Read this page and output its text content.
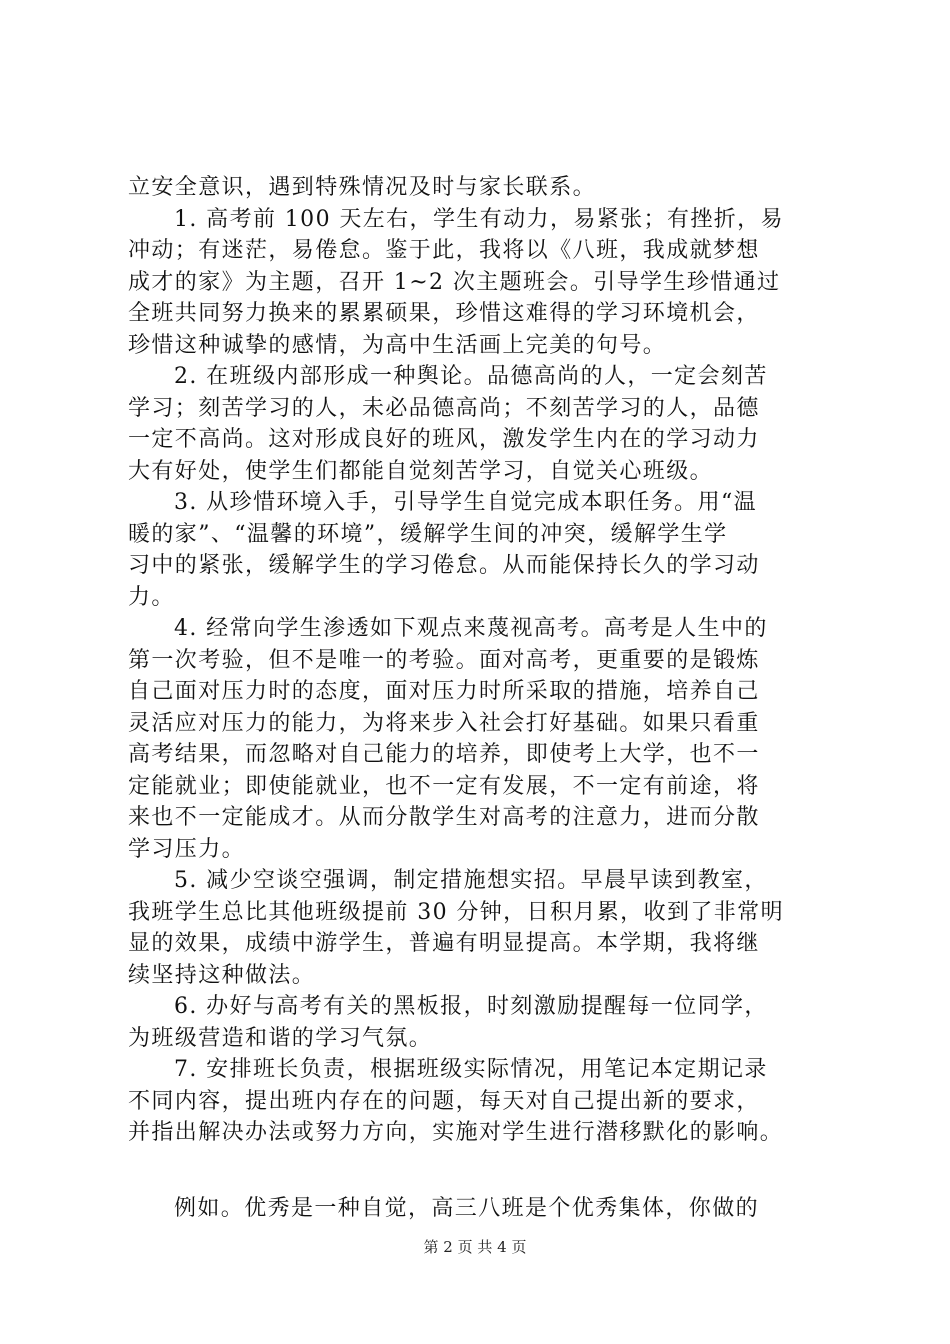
立安全意识，遇到特殊情况及时与家长联系。
1. 高考前 100 天左右，学生有动力，易紧张；有挫折，易
冲动；有迷茫，易倦怠。鉴于此，我将以《八班，我成就梦想
成才的家》为主题，召开 1~2 次主题班会。引导学生珍惜通过
全班共同努力换来的累累硕果，珍惜这难得的学习环境机会，
珍惜这种诚挚的感情，为高中生活画上完美的句号。
2. 在班级内部形成一种舆论。品德高尚的人，一定会刻苦
学习；刻苦学习的人，未必品德高尚；不刻苦学习的人，品德
一定不高尚。这对形成良好的班风，激发学生内在的学习动力
大有好处，使学生们都能自觉刻苦学习，自觉关心班级。
3. 从珍惜环境入手，引导学生自觉完成本职任务。用“温
暖的家”、“温馨的环境”，缓解学生间的冲突，缓解学生学
习中的紧张，缓解学生的学习倦怠。从而能保持长久的学习动
力。
4. 经常向学生渗透如下观点来蔑视高考。高考是人生中的
第一次考验，但不是唯一的考验。面对高考，更重要的是锻炼
自己面对压力时的态度，面对压力时所采取的措施，培养自己
灵活应对压力的能力，为将来步入社会打好基础。如果只看重
高考结果，而忽略对自己能力的培养，即使考上大学，也不一
定能就业；即使能就业，也不一定有发展，不一定有前途，将
来也不一定能成才。从而分散学生对高考的注意力，进而分散
学习压力。
5. 减少空谈空强调，制定措施想实招。早晨早读到教室，
我班学生总比其他班级提前 30 分钟，日积月累，收到了非常明
显的效果，成绩中游学生，普遍有明显提高。本学期，我将继
续坚持这种做法。
6. 办好与高考有关的黑板报，时刻激励提醒每一位同学，
为班级营造和谐的学习气氛。
7. 安排班长负责，根据班级实际情况，用笔记本定期记录
不同内容，提出班内存在的问题，每天对自己提出新的要求，
并指出解决办法或努力方向，实施对学生进行潜移默化的影响。
例如。优秀是一种自觉，高三八班是个优秀集体，你做的
第 2 页 共 4 页
